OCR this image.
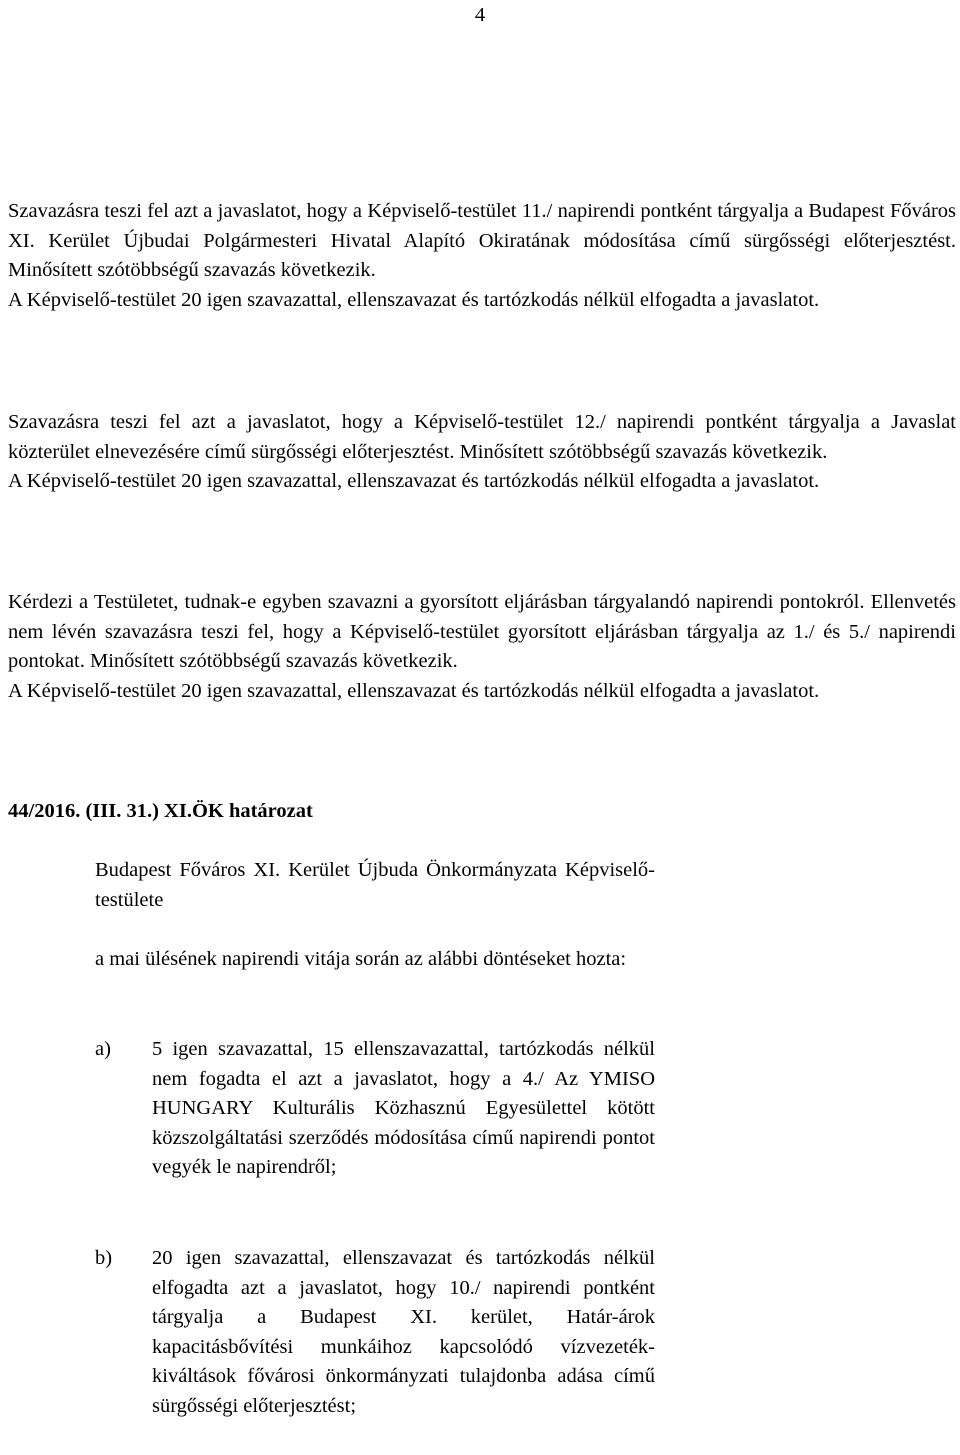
4
Szavazásra teszi fel azt a javaslatot, hogy a Képviselő-testület 11./ napirendi pontként tárgyalja a Budapest Főváros XI. Kerület Újbudai Polgármesteri Hivatal Alapító Okiratának módosítása című sürgősségi előterjesztést. Minősített szótöbbségű szavazás következik.
A Képviselő-testület 20 igen szavazattal, ellenszavazat és tartózkodás nélkül elfogadta a javaslatot.
Szavazásra teszi fel azt a javaslatot, hogy a Képviselő-testület 12./ napirendi pontként tárgyalja a Javaslat közterület elnevezésére című sürgősségi előterjesztést. Minősített szótöbbségű szavazás következik.
A Képviselő-testület 20 igen szavazattal, ellenszavazat és tartózkodás nélkül elfogadta a javaslatot.
Kérdezi a Testületet, tudnak-e egyben szavazni a gyorsított eljárásban tárgyalandó napirendi pontokról. Ellenvetés nem lévén szavazásra teszi fel, hogy a Képviselő-testület gyorsított eljárásban tárgyalja az 1./ és 5./ napirendi pontokat. Minősített szótöbbségű szavazás következik.
A Képviselő-testület 20 igen szavazattal, ellenszavazat és tartózkodás nélkül elfogadta a javaslatot.
44/2016. (III. 31.) XI.ÖK határozat
Budapest Főváros XI. Kerület Újbuda Önkormányzata Képviselő-testülete
a mai ülésének napirendi vitája során az alábbi döntéseket hozta:
a) 5 igen szavazattal, 15 ellenszavazattal, tartózkodás nélkül nem fogadta el azt a javaslatot, hogy a 4./ Az YMISO HUNGARY Kulturális Közhasznú Egyesülettel kötött közszolgáltatási szerződés módosítása című napirendi pontot vegyék le napirendről;
b) 20 igen szavazattal, ellenszavazat és tartózkodás nélkül elfogadta azt a javaslatot, hogy 10./ napirendi pontként tárgyalja a Budapest XI. kerület, Határ-árok kapacitásbővítési munkáihoz kapcsolódó vízvezeték-kiváltások fővárosi önkormányzati tulajdonba adása című sürgősségi előterjesztést;
